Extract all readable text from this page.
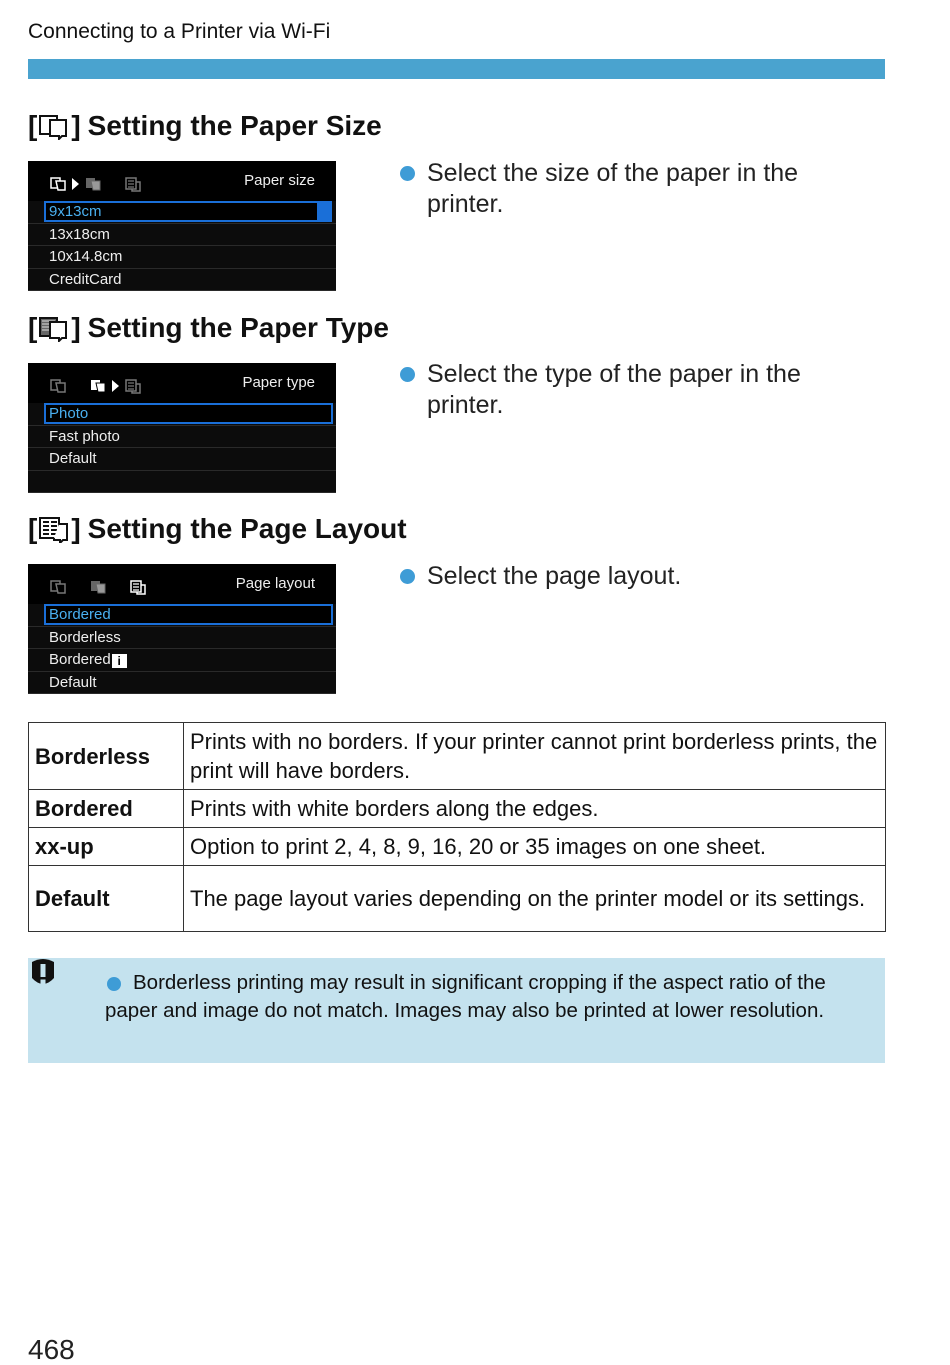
Connecting to a Printer via Wi-Fi
[ ] Setting the Paper Size
Paper size
9x13cm
13x18cm
10x14.8cm
CreditCard
Select the size of the paper in the printer.
[ ] Setting the Paper Type
Paper type
Photo
Fast photo
Default
Select the type of the paper in the printer.
[ ] Setting the Page Layout
Page layout
Bordered
Borderless
Bordered i
Default
Select the page layout.
Borderless	Prints with no borders. If your printer cannot print borderless prints, the print will have borders.
Bordered	Prints with white borders along the edges.
xx-up	Option to print 2, 4, 8, 9, 16, 20 or 35 images on one sheet.
Default	The page layout varies depending on the printer model or its settings.
Borderless printing may result in significant cropping if the aspect ratio of the paper and image do not match. Images may also be printed at lower resolution.
468
